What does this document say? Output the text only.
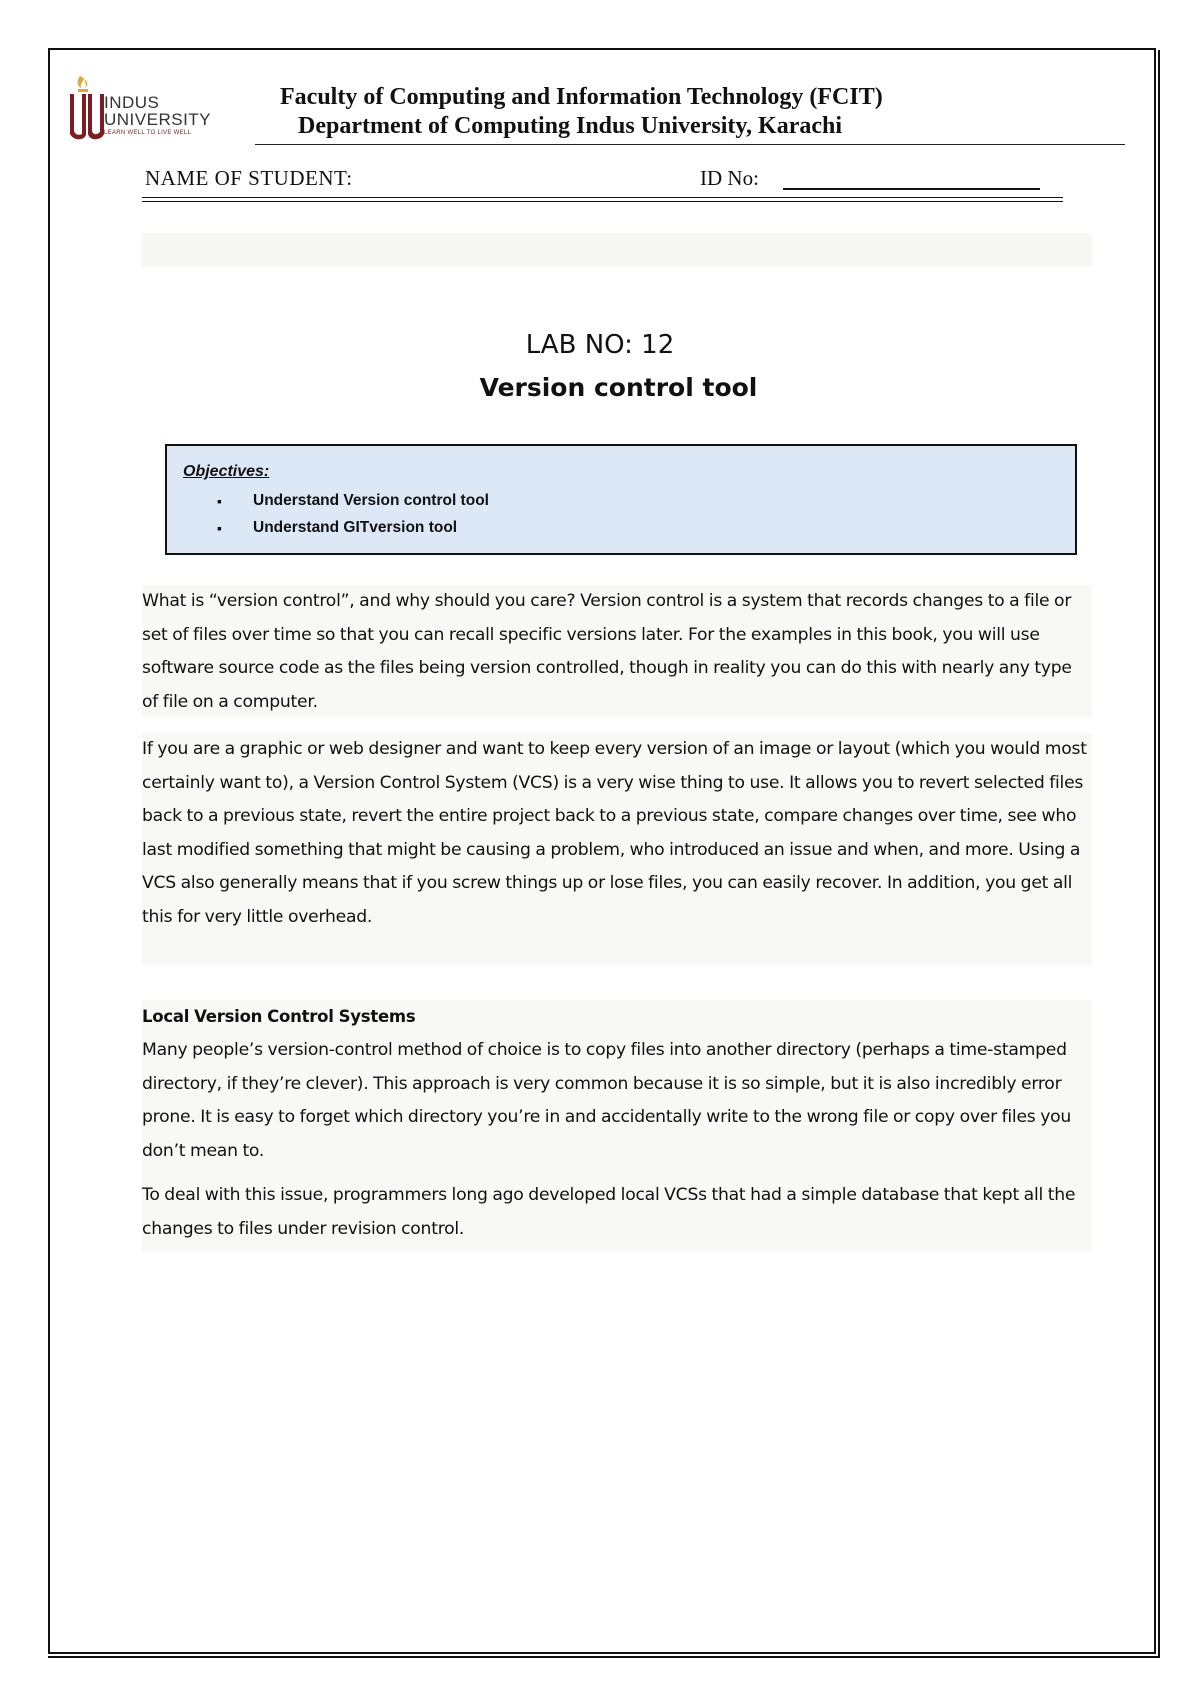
INDUS
UNIVERSITY
LEARN WELL TO LIVE WELL
Faculty of Computing and Information Technology (FCIT)
Department of Computing Indus University, Karachi
NAME OF STUDENT:	ID No:
LAB NO: 12
Version control tool
Objectives:
▪ Understand Version control tool
▪ Understand GITversion tool

What is “version control”, and why should you care? Version control is a system that records changes to a file or set of files over time so that you can recall specific versions later. For the examples in this book, you will use software source code as the files being version controlled, though in reality you can do this with nearly any type of file on a computer.

If you are a graphic or web designer and want to keep every version of an image or layout (which you would most certainly want to), a Version Control System (VCS) is a very wise thing to use. It allows you to revert selected files back to a previous state, revert the entire project back to a previous state, compare changes over time, see who last modified something that might be causing a problem, who introduced an issue and when, and more. Using a VCS also generally means that if you screw things up or lose files, you can easily recover. In addition, you get all this for very little overhead.

Local Version Control Systems

Many people’s version-control method of choice is to copy files into another directory (perhaps a time-stamped directory, if they’re clever). This approach is very common because it is so simple, but it is also incredibly error prone. It is easy to forget which directory you’re in and accidentally write to the wrong file or copy over files you don’t mean to.

To deal with this issue, programmers long ago developed local VCSs that had a simple database that kept all the changes to files under revision control.
